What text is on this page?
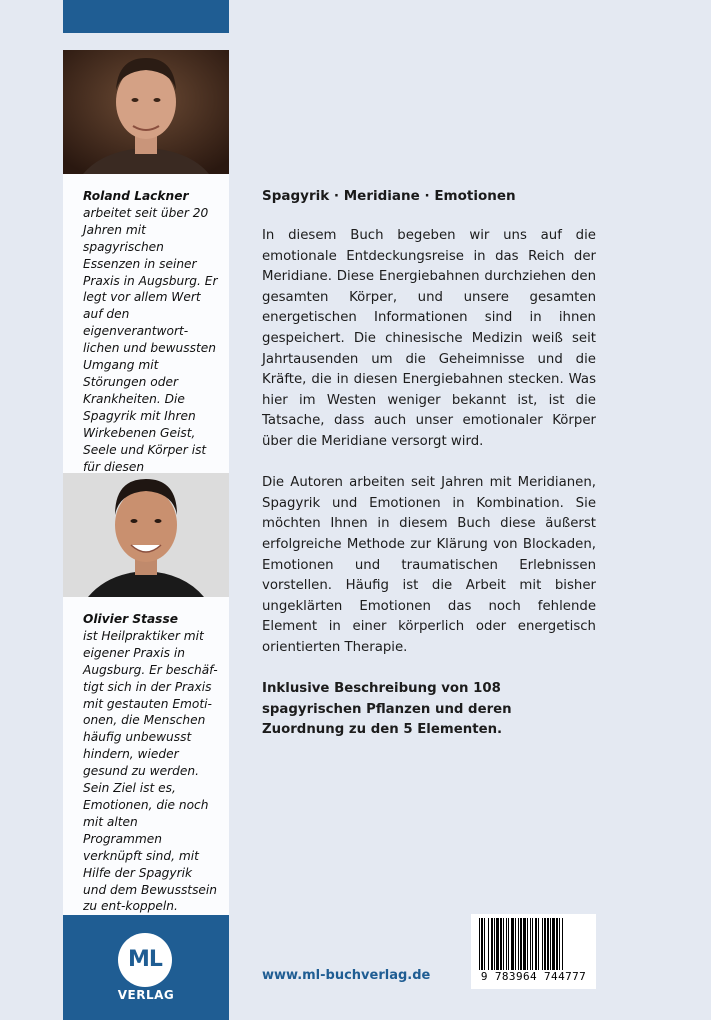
Roland Lackner
arbeitet seit über 20 Jahren mit spagyrischen Essenzen in seiner Praxis in Augsburg. Er legt vor allem Wert auf den eigenverantwort-lichen und bewussten Umgang mit Störungen oder Krankheiten. Die Spagyrik mit Ihren Wirkebenen Geist, Seele und Körper ist für diesen
Olivier Stasse
ist Heilpraktiker mit eigener Praxis in Augsburg. Er beschäf-tigt sich in der Praxis mit gestauten Emoti-onen, die Menschen häufig unbewusst hindern, wieder gesund zu werden. Sein Ziel ist es, Emotionen, die noch mit alten Programmen verknüpft sind, mit Hilfe der Spagyrik und dem Bewusstsein zu ent-koppeln.
ML
VERLAG
Spagyrik · Meridiane · Emotionen

In diesem Buch begeben wir uns auf die emotionale Entdeckungsreise in das Reich der Meridiane. Diese Energiebahnen durchziehen den gesamten Körper, und unsere gesamten energetischen Informationen sind in ihnen gespeichert. Die chinesische Medizin weiß seit Jahrtausenden um die Geheimnisse und die Kräfte, die in diesen Energiebahnen stecken. Was hier im Westen weniger bekannt ist, ist die Tatsache, dass auch unser emotionaler Körper über die Meridiane versorgt wird.

Die Autoren arbeiten seit Jahren mit Meridianen, Spagyrik und Emotionen in Kombination. Sie möchten Ihnen in diesem Buch diese äußerst erfolgreiche Methode zur Klärung von Blockaden, Emotionen und traumatischen Erlebnissen vorstellen. Häufig ist die Arbeit mit bisher ungeklärten Emotionen das noch fehlende Element in einer körperlich oder energetisch orientierten Therapie.

Inklusive Beschreibung von 108 spagyrischen Pflanzen und deren Zuordnung zu den 5 Elementen.

www.ml-buchverlag.de	9 783964 744777
